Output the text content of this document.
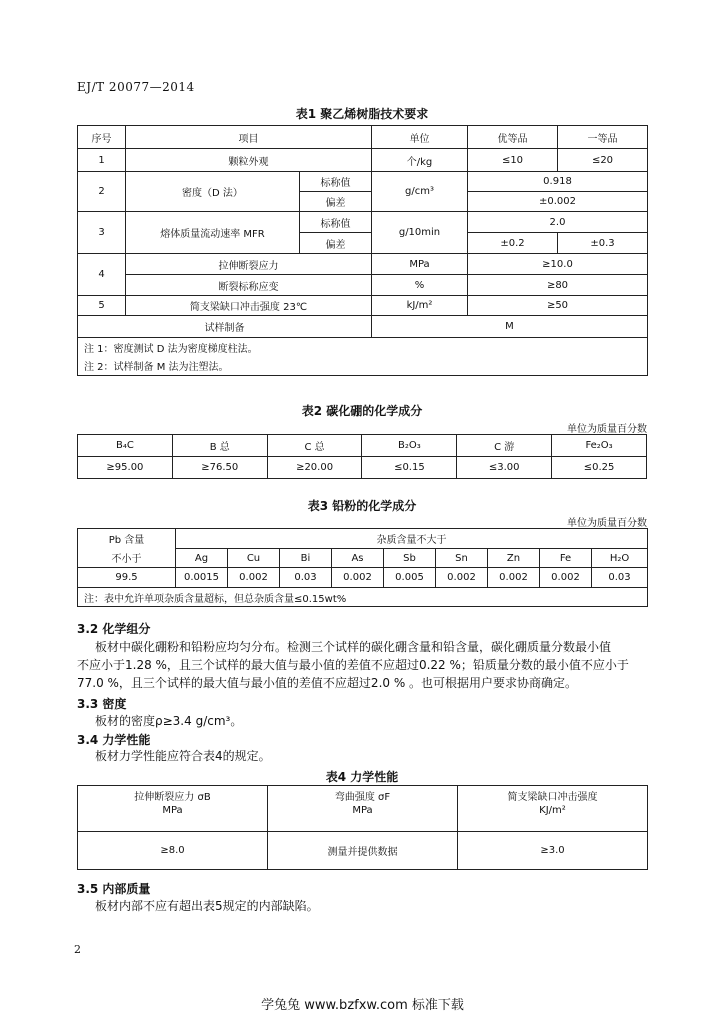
EJ/T 20077—2014
表1 聚乙烯树脂技术要求
序号	项目		单位	优等品	一等品
1	颗粒外观		个/kg	≤10	≤20
2	密度（D 法）	标称值	g/cm³	0.918	
		偏差		±0.002	
3	熔体质量流动速率 MFR	标称值	g/10min	2.0	
		偏差		±0.2	±0.3
4	拉伸断裂应力		MPa	≥10.0	
	断裂标称应变		%	≥80	
5	简支梁缺口冲击强度 23℃		kJ/m²	≥50	
试样制备			M		
注 1：密度测试 D 法为密度梯度柱法。					
注 2：试样制备 M 法为注塑法。					
表2 碳化硼的化学成分
单位为质量百分数
B₄C	B 总	C 总	B₂O₃	C 游	Fe₂O₃
≥95.00	≥76.50	≥20.00	≤0.15	≤3.00	≤0.25
表3 铅粉的化学成分
单位为质量百分数
Pb 含量	杂质含量不大于								
不小于	Ag	Cu	Bi	As	Sb	Sn	Zn	Fe	H₂O
99.5	0.0015	0.002	0.03	0.002	0.005	0.002	0.002	0.002	0.03
注：表中允许单项杂质含量超标，但总杂质含量≤0.15wt%									
3.2 化学组分
板材中碳化硼粉和铅粉应均匀分布。检测三个试样的碳化硼含量和铅含量，碳化硼质量分数最小值
不应小于1.28 %，且三个试样的最大值与最小值的差值不应超过0.22 %；铅质量分数的最小值不应小于
77.0 %，且三个试样的最大值与最小值的差值不应超过2.0 % 。也可根据用户要求协商确定。
3.3 密度
板材的密度ρ≥3.4 g/cm³。
3.4 力学性能
板材力学性能应符合表4的规定。
表4 力学性能
拉伸断裂应力 σB	弯曲强度 σF	简支梁缺口冲击强度
MPa	MPa	KJ/m²
≥8.0	测量并提供数据	≥3.0
3.5 内部质量
板材内部不应有超出表5规定的内部缺陷。
2
学兔兔 www.bzfxw.com 标准下载
